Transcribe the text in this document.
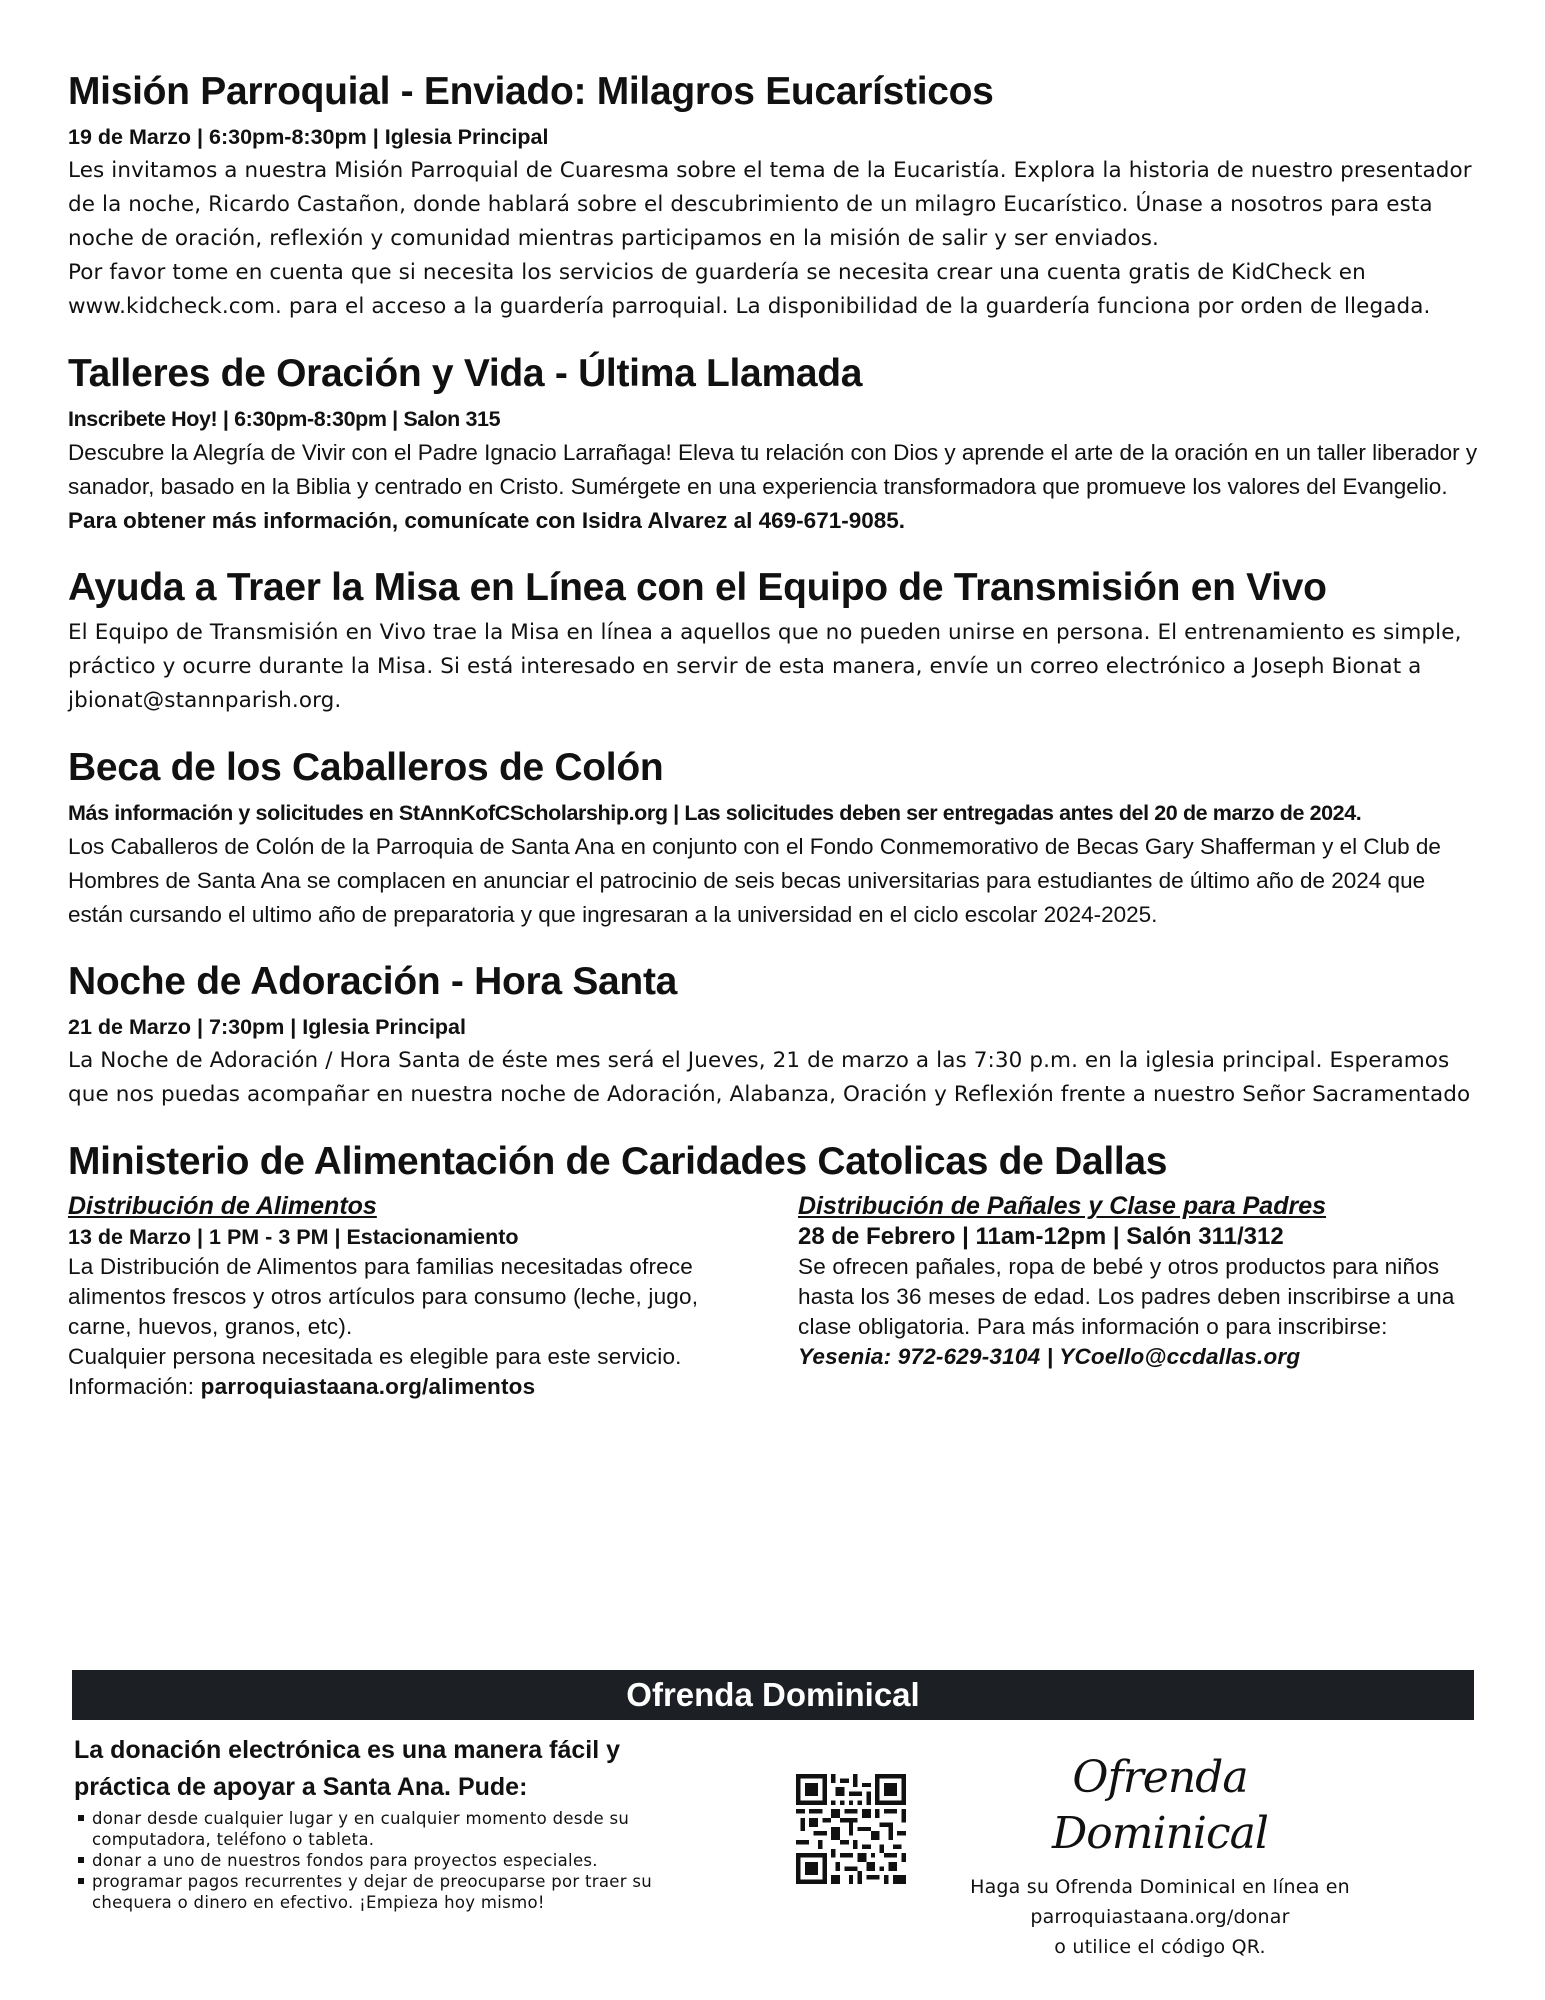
Misión Parroquial - Enviado: Milagros Eucarísticos

19 de Marzo | 6:30pm-8:30pm | Iglesia Principal

Les invitamos a nuestra Misión Parroquial de Cuaresma sobre el tema de la Eucaristía. Explora la historia de nuestro presentador de la noche, Ricardo Castañon, donde hablará sobre el descubrimiento de un milagro Eucarístico. Únase a nosotros para esta noche de oración, reflexión y comunidad mientras participamos en la misión de salir y ser enviados.

Por favor tome en cuenta que si necesita los servicios de guardería se necesita crear una cuenta gratis de KidCheck en www.kidcheck.com. para el acceso a la guardería parroquial. La disponibilidad de la guardería funciona por orden de llegada.

Talleres de Oración y Vida - Última Llamada

Inscribete Hoy! | 6:30pm-8:30pm | Salon 315

Descubre la Alegría de Vivir con el Padre Ignacio Larrañaga! Eleva tu relación con Dios y aprende el arte de la oración en un taller liberador y sanador, basado en la Biblia y centrado en Cristo. Sumérgete en una experiencia transformadora que promueve los valores del Evangelio. Para obtener más información, comunícate con Isidra Alvarez al 469-671-9085.

Ayuda a Traer la Misa en Línea con el Equipo de Transmisión en Vivo

El Equipo de Transmisión en Vivo trae la Misa en línea a aquellos que no pueden unirse en persona. El entrenamiento es simple, práctico y ocurre durante la Misa. Si está interesado en servir de esta manera, envíe un correo electrónico a Joseph Bionat a jbionat@stannparish.org.

Beca de los Caballeros de Colón

Más información y solicitudes en StAnnKofCScholarship.org | Las solicitudes deben ser entregadas antes del 20 de marzo de 2024.

Los Caballeros de Colón de la Parroquia de Santa Ana en conjunto con el Fondo Conmemorativo de Becas Gary Shafferman y el Club de Hombres de Santa Ana se complacen en anunciar el patrocinio de seis becas universitarias para estudiantes de último año de 2024 que están cursando el ultimo año de preparatoria y que ingresaran a la universidad en el ciclo escolar 2024-2025.

Noche de Adoración - Hora Santa

21 de Marzo | 7:30pm | Iglesia Principal

La Noche de Adoración / Hora Santa de éste mes será el Jueves, 21 de marzo a las 7:30 p.m. en la iglesia principal. Esperamos que nos puedas acompañar en nuestra noche de Adoración, Alabanza, Oración y Reflexión frente a nuestro Señor Sacramentado

Ministerio de Alimentación de Caridades Catolicas de Dallas

Distribución de Alimentos

13 de Marzo | 1 PM - 3 PM | Estacionamiento

La Distribución de Alimentos para familias necesitadas ofrece alimentos frescos y otros artículos para consumo (leche, jugo, carne, huevos, granos, etc).

Cualquier persona necesitada es elegible para este servicio. Información: parroquiastaana.org/alimentos

Distribución de Pañales y Clase para Padres

28 de Febrero | 11am-12pm | Salón 311/312

Se ofrecen pañales, ropa de bebé y otros productos para niños hasta los 36 meses de edad. Los padres deben inscribirse a una clase obligatoria. Para más información o para inscribirse:

Yesenia: 972-629-3104 | YCoello@ccdallas.org

Ofrenda Dominical

La donación electrónica es una manera fácil y práctica de apoyar a Santa Ana. Pude:

donar desde cualquier lugar y en cualquier momento desde su computadora, teléfono o tableta.
donar a uno de nuestros fondos para proyectos especiales.
programar pagos recurrentes y dejar de preocuparse por traer su chequera o dinero en efectivo. ¡Empieza hoy mismo!
Ofrenda Dominical
Haga su Ofrenda Dominical en línea en
parroquiastaana.org/donar
o utilice el código QR.
